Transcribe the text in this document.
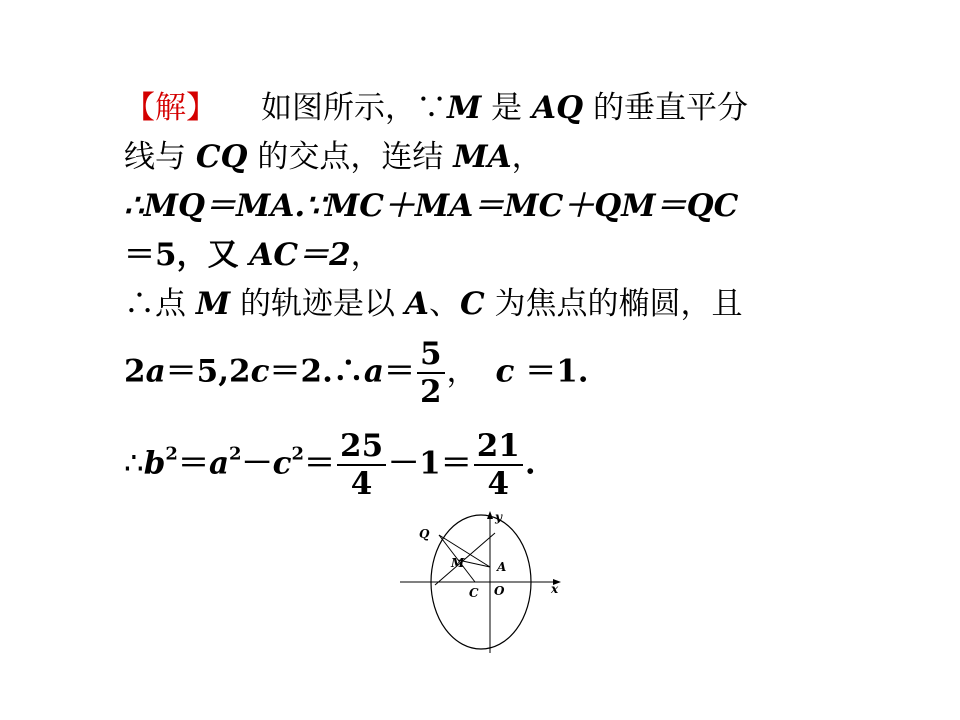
【解】 如图所示，∵M 是 AQ 的垂直平分
线与 CQ 的交点，连结 MA，
∴MQ＝MA.∵MC＋MA＝MC＋QM＝QC
＝5，又 AC＝2，
∴点 M 的轨迹是以 A、C 为焦点的椭圆，且
2a＝5,2c＝2.∴a＝ $\frac{5}{2}$ ， c ＝1.
$\therefore b^2=a^2-c^2= \frac{25}{4} -1= \frac{21}{4}$ .
Q
M	A
C O
y
x
